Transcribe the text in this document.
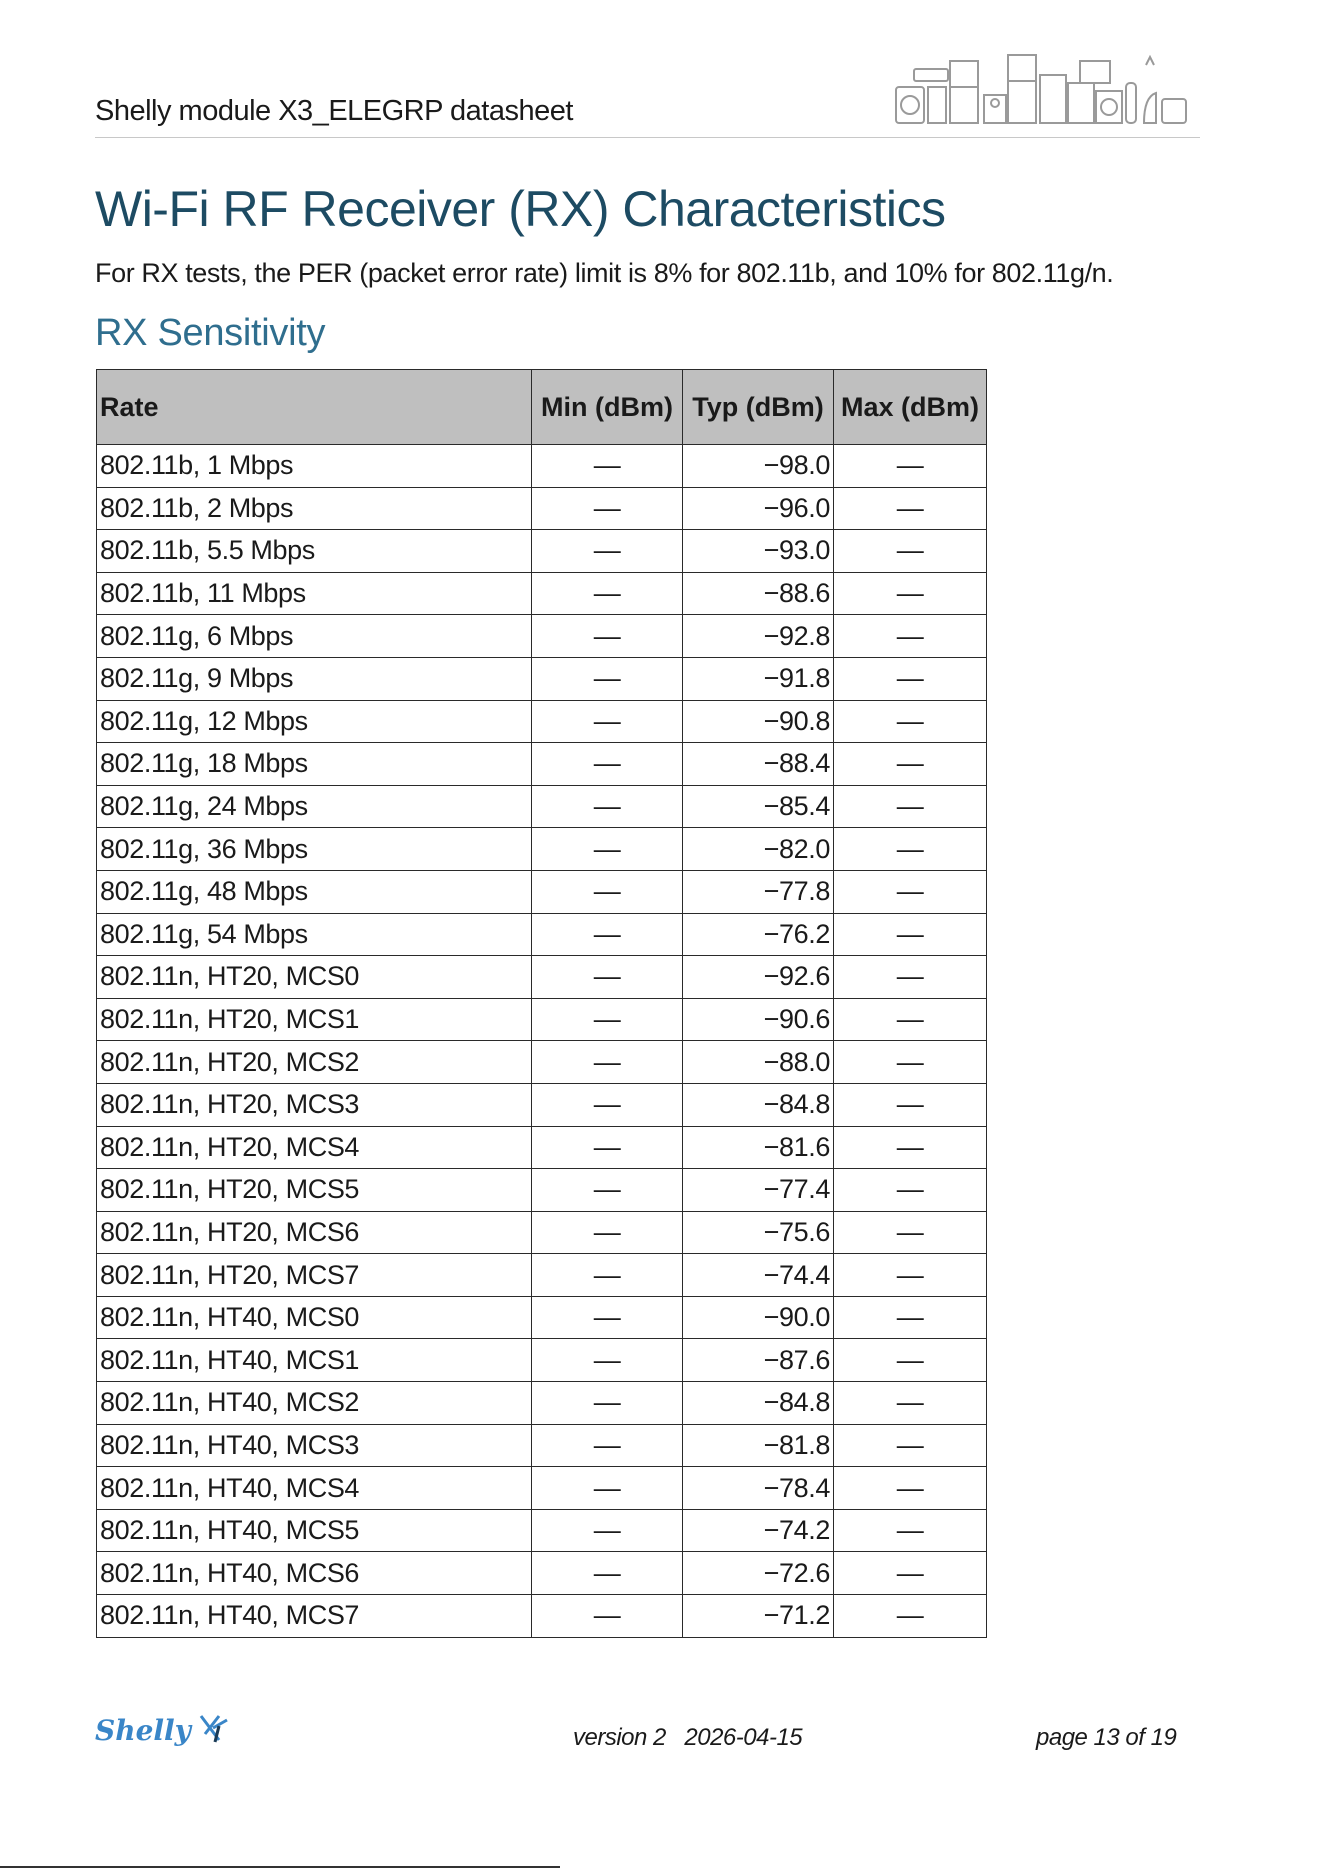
Shelly module X3_ELEGRP datasheet
Wi-Fi RF Receiver (RX) Characteristics

For RX tests, the PER (packet error rate) limit is 8% for 802.11b, and 10% for 802.11g/n.

RX Sensitivity
Rate	Min (dBm)	Typ (dBm)	Max (dBm)
802.11b, 1 Mbps	—	−98.0	—
802.11b, 2 Mbps	—	−96.0	—
802.11b, 5.5 Mbps	—	−93.0	—
802.11b, 11 Mbps	—	−88.6	—
802.11g, 6 Mbps	—	−92.8	—
802.11g, 9 Mbps	—	−91.8	—
802.11g, 12 Mbps	—	−90.8	—
802.11g, 18 Mbps	—	−88.4	—
802.11g, 24 Mbps	—	−85.4	—
802.11g, 36 Mbps	—	−82.0	—
802.11g, 48 Mbps	—	−77.8	—
802.11g, 54 Mbps	—	−76.2	—
802.11n, HT20, MCS0	—	−92.6	—
802.11n, HT20, MCS1	—	−90.6	—
802.11n, HT20, MCS2	—	−88.0	—
802.11n, HT20, MCS3	—	−84.8	—
802.11n, HT20, MCS4	—	−81.6	—
802.11n, HT20, MCS5	—	−77.4	—
802.11n, HT20, MCS6	—	−75.6	—
802.11n, HT20, MCS7	—	−74.4	—
802.11n, HT40, MCS0	—	−90.0	—
802.11n, HT40, MCS1	—	−87.6	—
802.11n, HT40, MCS2	—	−84.8	—
802.11n, HT40, MCS3	—	−81.8	—
802.11n, HT40, MCS4	—	−78.4	—
802.11n, HT40, MCS5	—	−74.2	—
802.11n, HT40, MCS6	—	−72.6	—
802.11n, HT40, MCS7	—	−71.2	—
Shelly	version 2   2026-04-15	page 13 of 19
